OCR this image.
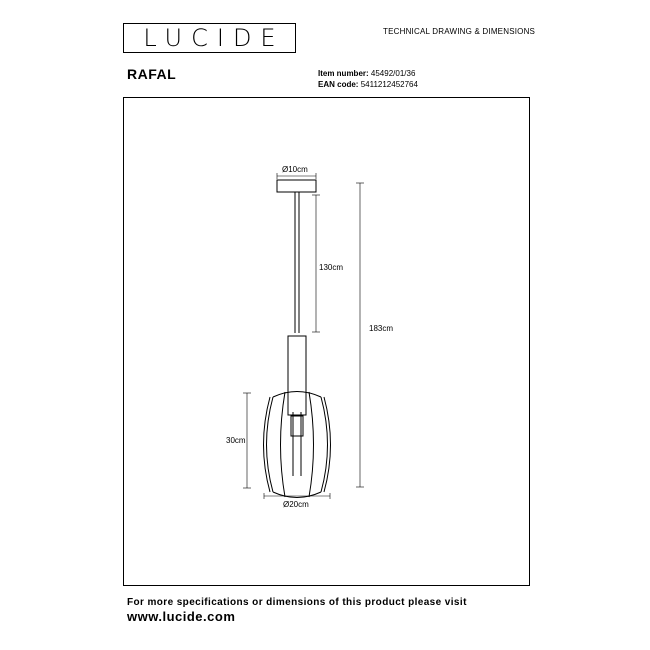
LUCIDE	TECHNICAL DRAWING & DIMENSIONS
RAFAL	Item number: 45492/01/36
EAN code: 5411212452764
Ø10cm
130cm
183cm
30cm
Ø20cm
For more specifications or dimensions of this product please visit
www.lucide.com
